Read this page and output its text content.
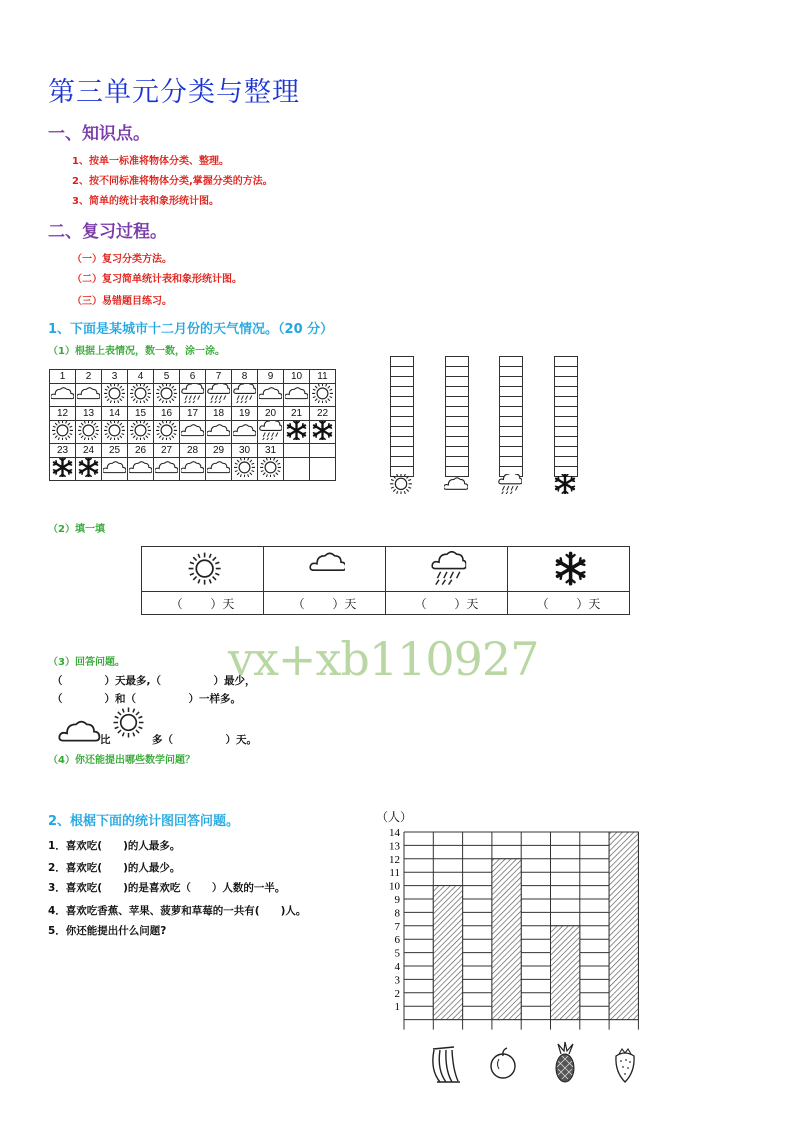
第三单元分类与整理
一、知识点。
1、按单一标准将物体分类、整理。
2、按不同标准将物体分类,掌握分类的方法。
3、简单的统计表和象形统计图。
二、复习过程。
（一）复习分类方法。
（二）复习简单统计表和象形统计图。
（三）易错题目练习。
1、下面是某城市十二月份的天气情况。（20 分）
（1）根据上表情况，数一数，涂一涂。
1	2	3	4	5	6	7	8	9	10	11

12	13	14	15	16	17	18	19	20	21	22

23	24	25	26	27	28	29	30	31		

（2）填一填

（　　 ）天	（　　 ）天	（　　 ）天	（　　 ）天
vx+xb110927
（3）回答问题。
（　　　　）天最多,（　　　　　）最少，
（　　　　）和（　　　　　）一样多。
比	多（　　　　　）天。
（4）你还能提出哪些数学问题？
2、根椐下面的统计图回答问题。
1．喜欢吃(　　)的人最多。
2．喜欢吃(　　)的人最少。
3．喜欢吃(　　)的是喜欢吃（　　）人数的一半。
4．喜欢吃香蕉、苹果、菠萝和草莓的一共有(　　)人。
5．你还能提出什么问题?
（人）
1
2
3
4
5
6
7
8
9
10
11
12
13
14
